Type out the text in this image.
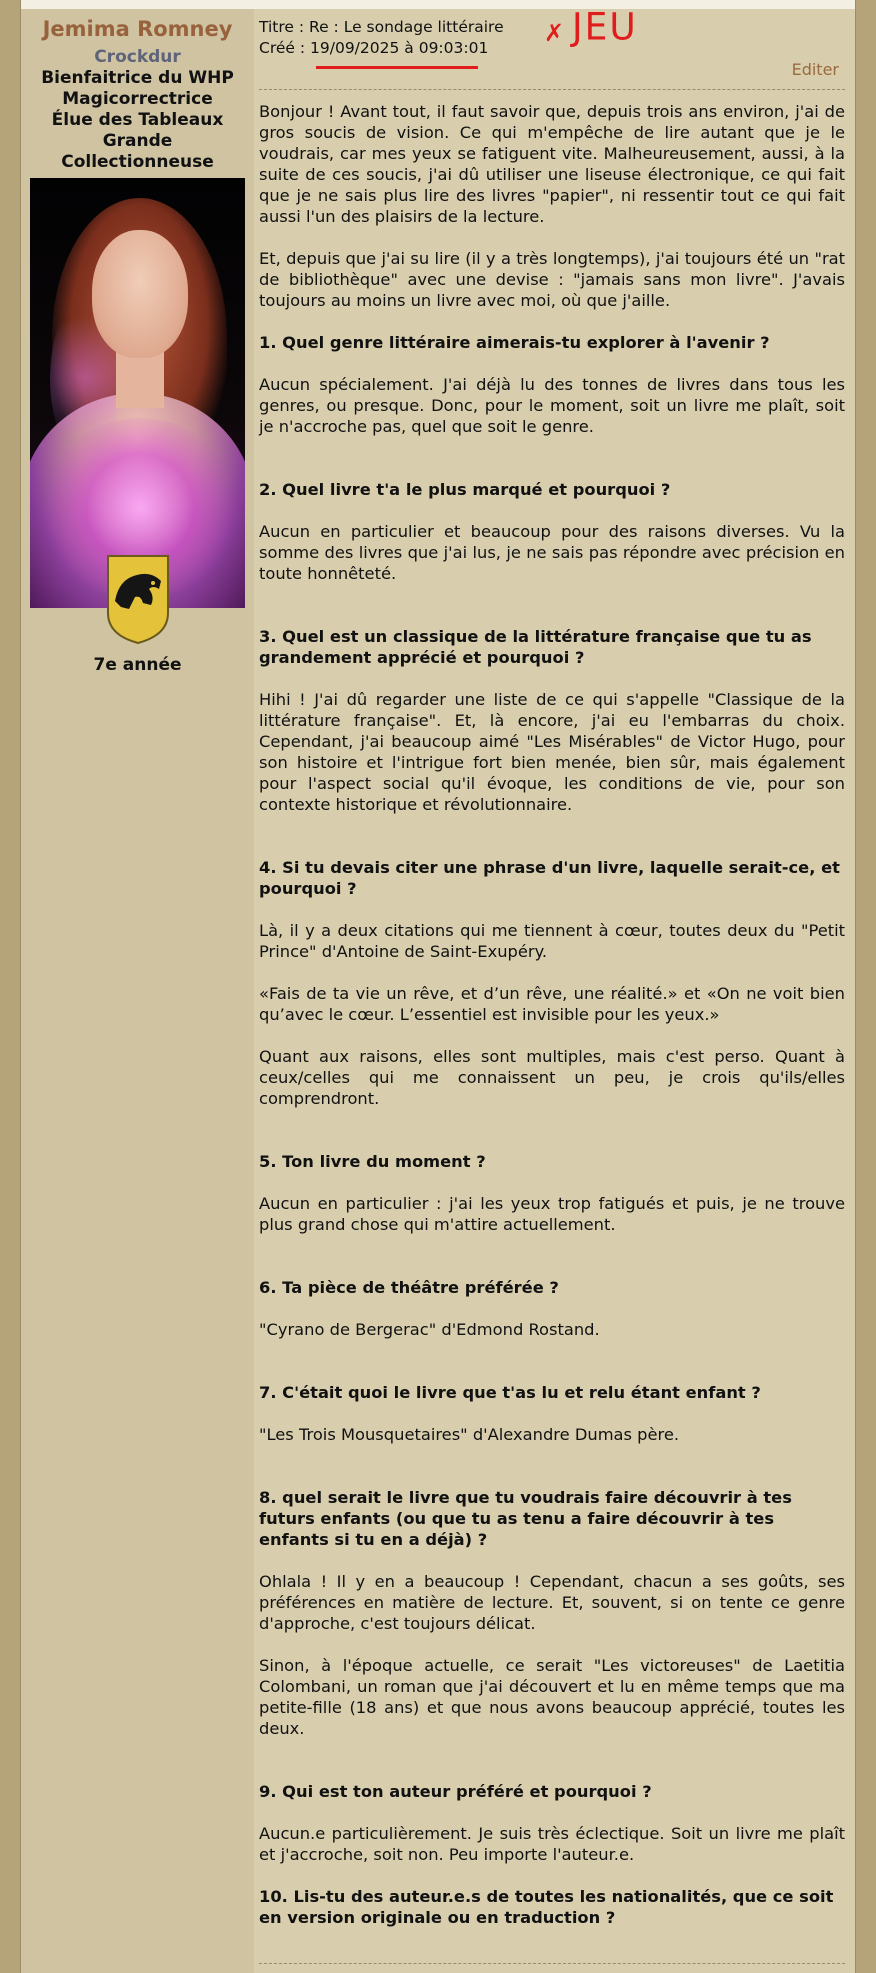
Jemima Romney
Crockdur
Bienfaitrice du WHP
Magicorrectrice
Élue des Tableaux
Grande
Collectionneuse
7e année
Titre : Re : Le sondage littéraire
Créé : 19/09/2025 à 09:03:01
✗ JEU
Editer

Bonjour ! Avant tout, il faut savoir que, depuis trois ans environ, j'ai de gros soucis de vision. Ce qui m'empêche de lire autant que je le voudrais, car mes yeux se fatiguent vite. Malheureusement, aussi, à la suite de ces soucis, j'ai dû utiliser une liseuse électronique, ce qui fait que je ne sais plus lire des livres "papier", ni ressentir tout ce qui fait aussi l'un des plaisirs de la lecture.

Et, depuis que j'ai su lire (il y a très longtemps), j'ai toujours été un "rat de bibliothèque" avec une devise : "jamais sans mon livre". J'avais toujours au moins un livre avec moi, où que j'aille.

1. Quel genre littéraire aimerais-tu explorer à l'avenir ?

Aucun spécialement. J'ai déjà lu des tonnes de livres dans tous les genres, ou presque. Donc, pour le moment, soit un livre me plaît, soit je n'accroche pas, quel que soit le genre.

2. Quel livre t'a le plus marqué et pourquoi ?

Aucun en particulier et beaucoup pour des raisons diverses. Vu la somme des livres que j'ai lus, je ne sais pas répondre avec précision en toute honnêteté.

3. Quel est un classique de la littérature française que tu as grandement apprécié et pourquoi ?

Hihi ! J'ai dû regarder une liste de ce qui s'appelle "Classique de la littérature française". Et, là encore, j'ai eu l'embarras du choix. Cependant, j'ai beaucoup aimé "Les Misérables" de Victor Hugo, pour son histoire et l'intrigue fort bien menée, bien sûr, mais également pour l'aspect social qu'il évoque, les conditions de vie, pour son contexte historique et révolutionnaire.

4. Si tu devais citer une phrase d'un livre, laquelle serait-ce, et pourquoi ?

Là, il y a deux citations qui me tiennent à cœur, toutes deux du "Petit Prince" d'Antoine de Saint-Exupéry.

«Fais de ta vie un rêve, et d’un rêve, une réalité.» et «On ne voit bien qu’avec le cœur. L’essentiel est invisible pour les yeux.»

Quant aux raisons, elles sont multiples, mais c'est perso. Quant à ceux/celles qui me connaissent un peu, je crois qu'ils/elles comprendront.

5. Ton livre du moment ?

Aucun en particulier : j'ai les yeux trop fatigués et puis, je ne trouve plus grand chose qui m'attire actuellement.

6. Ta pièce de théâtre préférée ?

"Cyrano de Bergerac" d'Edmond Rostand.

7. C'était quoi le livre que t'as lu et relu étant enfant ?

"Les Trois Mousquetaires" d'Alexandre Dumas père.

8. quel serait le livre que tu voudrais faire découvrir à tes futurs enfants (ou que tu as tenu a faire découvrir à tes enfants si tu en a déjà) ?

Ohlala ! Il y en a beaucoup ! Cependant, chacun a ses goûts, ses préférences en matière de lecture. Et, souvent, si on tente ce genre d'approche, c'est toujours délicat.

Sinon, à l'époque actuelle, ce serait "Les victoreuses" de Laetitia Colombani, un roman que j'ai découvert et lu en même temps que ma petite-fille (18 ans) et que nous avons beaucoup apprécié, toutes les deux.

9. Qui est ton auteur préféré et pourquoi ?

Aucun.e particulièrement. Je suis très éclectique. Soit un livre me plaît et j'accroche, soit non. Peu importe l'auteur.e.

10. Lis-tu des auteur.e.s de toutes les nationalités, que ce soit en version originale ou en traduction ?
